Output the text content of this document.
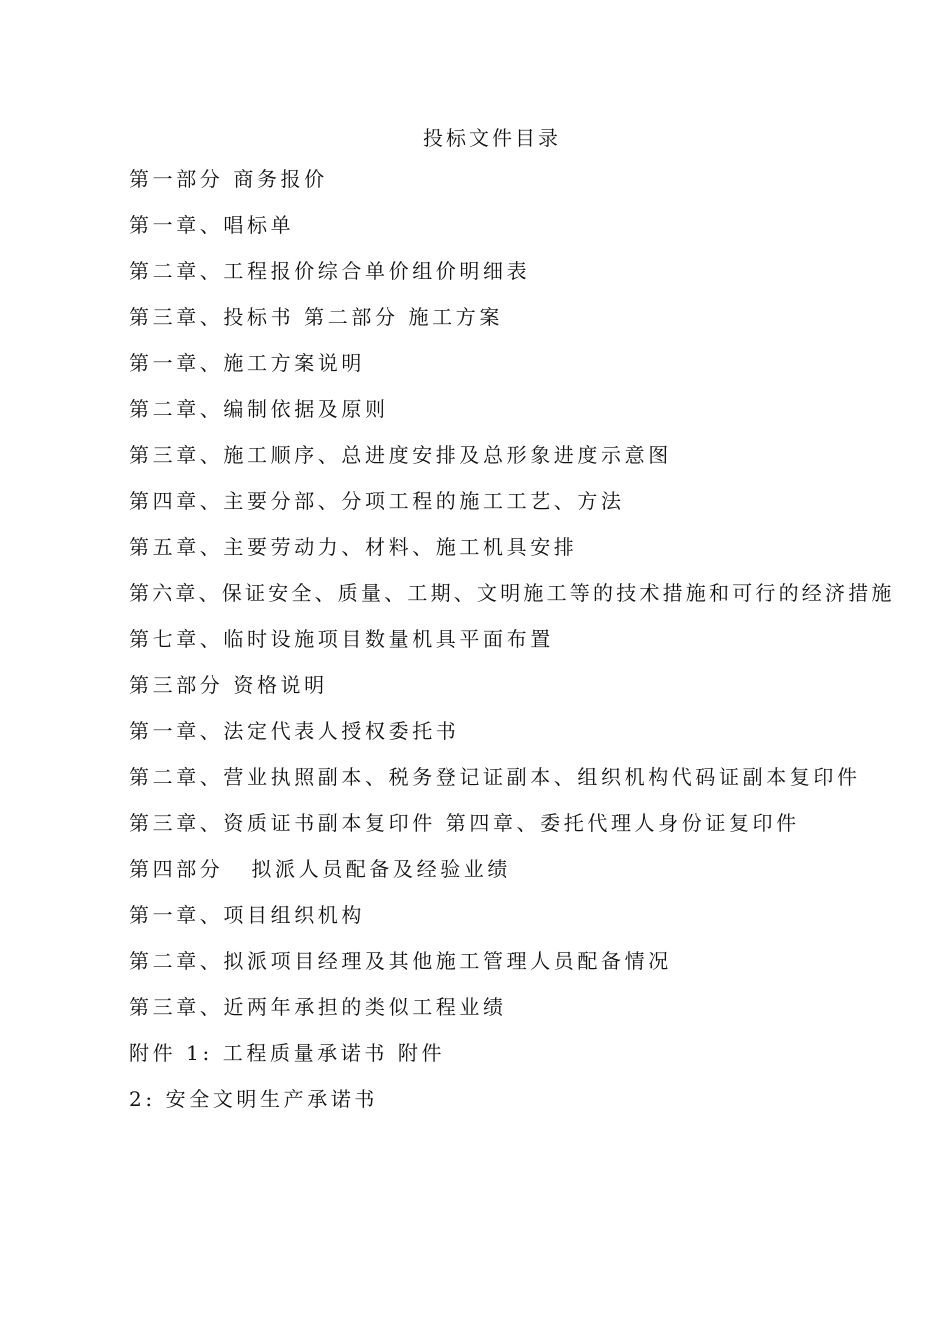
投标文件目录
第一部分 商务报价
第一章、唱标单
第二章、工程报价综合单价组价明细表
第三章、投标书 第二部分 施工方案
第一章、施工方案说明
第二章、编制依据及原则
第三章、施工顺序、总进度安排及总形象进度示意图
第四章、主要分部、分项工程的施工工艺、方法
第五章、主要劳动力、材料、施工机具安排
第六章、保证安全、质量、工期、文明施工等的技术措施和可行的经济措施
第七章、临时设施项目数量机具平面布置
第三部分 资格说明
第一章、法定代表人授权委托书
第二章、营业执照副本、税务登记证副本、组织机构代码证副本复印件
第三章、资质证书副本复印件 第四章、委托代理人身份证复印件
第四部分 拟派人员配备及经验业绩
第一章、项目组织机构
第二章、拟派项目经理及其他施工管理人员配备情况
第三章、近两年承担的类似工程业绩
附件 1: 工程质量承诺书 附件
2: 安全文明生产承诺书
